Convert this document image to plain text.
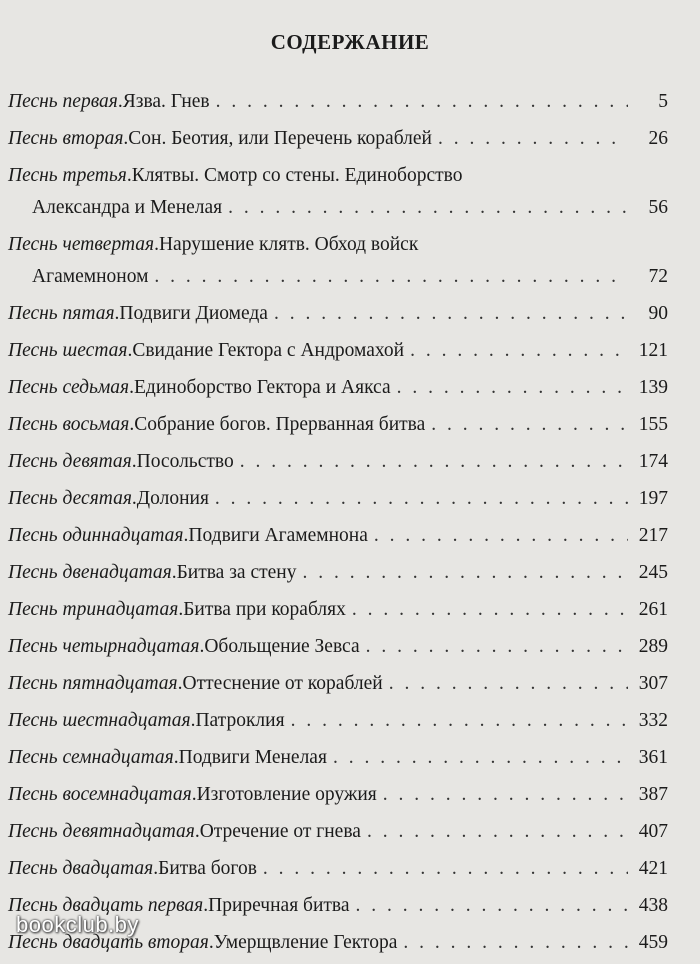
СОДЕРЖАНИЕ
Песнь первая . Язва. Гнев . . .	5
Песнь вторая . Сон. Беотия, или Перечень кораблей . . .	26
Песнь третья . Клятвы. Смотр со стены. Единоборство
Александра и Менелая . . .	56
Песнь четвертая . Нарушение клятв. Обход войск
Агамемноном . . .	72
Песнь пятая . Подвиги Диомеда . . .	90
Песнь шестая . Свидание Гектора с Андромахой . . .	121
Песнь седьмая . Единоборство Гектора и Аякса . . .	139
Песнь восьмая . Собрание богов. Прерванная битва . . .	155
Песнь девятая . Посольство . . .	174
Песнь десятая . Долония . . .	197
Песнь одиннадцатая . Подвиги Агамемнона . . .	217
Песнь двенадцатая . Битва за стену . . .	245
Песнь тринадцатая . Битва при кораблях . . .	261
Песнь четырнадцатая . Обольщение Зевса . . .	289
Песнь пятнадцатая . Оттеснение от кораблей . . .	307
Песнь шестнадцатая . Патроклия . . .	332
Песнь семнадцатая . Подвиги Менелая . . .	361
Песнь восемнадцатая . Изготовление оружия . . .	387
Песнь девятнадцатая . Отречение от гнева . . .	407
Песнь двадцатая . Битва богов . . .	421
Песнь двадцать первая . Приречная битва . . .	438
Песнь двадцать вторая . Умерщвление Гектора . . .	459
bookclub.by
